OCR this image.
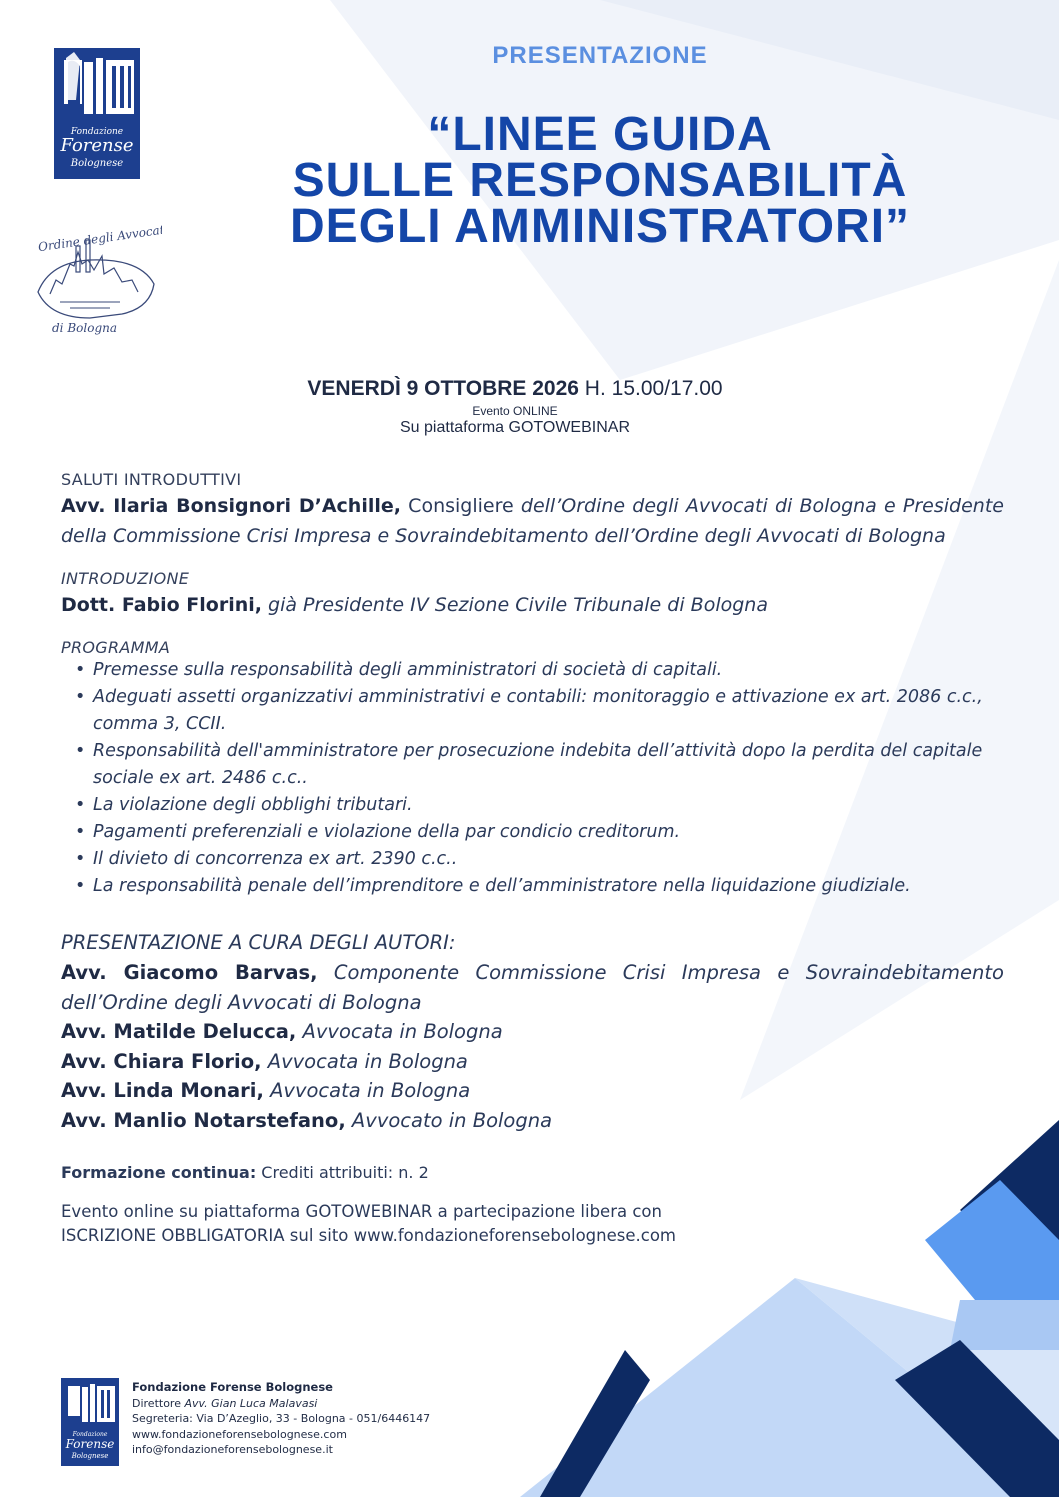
Fondazione
Forense
Bolognese
Ordine degli Avvocati
di Bologna
PRESENTAZIONE
“LINEE GUIDA
SULLE RESPONSABILITÀ
DEGLI AMMINISTRATORI”
VENERDÌ 9 OTTOBRE 2026 H. 15.00/17.00
Evento ONLINE
Su piattaforma GOTOWEBINAR
SALUTI INTRODUTTIVI
Avv. Ilaria Bonsignori D’Achille, Consigliere dell’Ordine degli Avvocati di Bologna e Presidente della Commissione Crisi Impresa e Sovraindebitamento dell’Ordine degli Avvocati di Bologna
INTRODUZIONE
Dott. Fabio Florini, già Presidente IV Sezione Civile Tribunale di Bologna
PROGRAMMA
• Premesse sulla responsabilità degli amministratori di società di capitali.
• Adeguati assetti organizzativi amministrativi e contabili: monitoraggio e attivazione ex art. 2086 c.c., comma 3, CCII.
• Responsabilità dell'amministratore per prosecuzione indebita dell’attività dopo la perdita del capitale sociale ex art. 2486 c.c..
• La violazione degli obblighi tributari.
• Pagamenti preferenziali e violazione della par condicio creditorum.
• Il divieto di concorrenza ex art. 2390 c.c..
• La responsabilità penale dell’imprenditore e dell’amministratore nella liquidazione giudiziale.
PRESENTAZIONE A CURA DEGLI AUTORI:
Avv. Giacomo Barvas, Componente Commissione Crisi Impresa e Sovraindebitamento dell’Ordine degli Avvocati di Bologna
Avv. Matilde Delucca, Avvocata in Bologna
Avv. Chiara Florio, Avvocata in Bologna
Avv. Linda Monari, Avvocata in Bologna
Avv. Manlio Notarstefano, Avvocato in Bologna
Formazione continua: Crediti attribuiti: n. 2
Evento online su piattaforma GOTOWEBINAR a partecipazione libera con
ISCRIZIONE OBBLIGATORIA sul sito www.fondazioneforensebolognese.com
Fondazione
Forense
Bolognese
Fondazione Forense Bolognese
Direttore Avv. Gian Luca Malavasi
Segreteria: Via D’Azeglio, 33 - Bologna - 051/6446147
www.fondazioneforensebolognese.com
info@fondazioneforensebolognese.it
